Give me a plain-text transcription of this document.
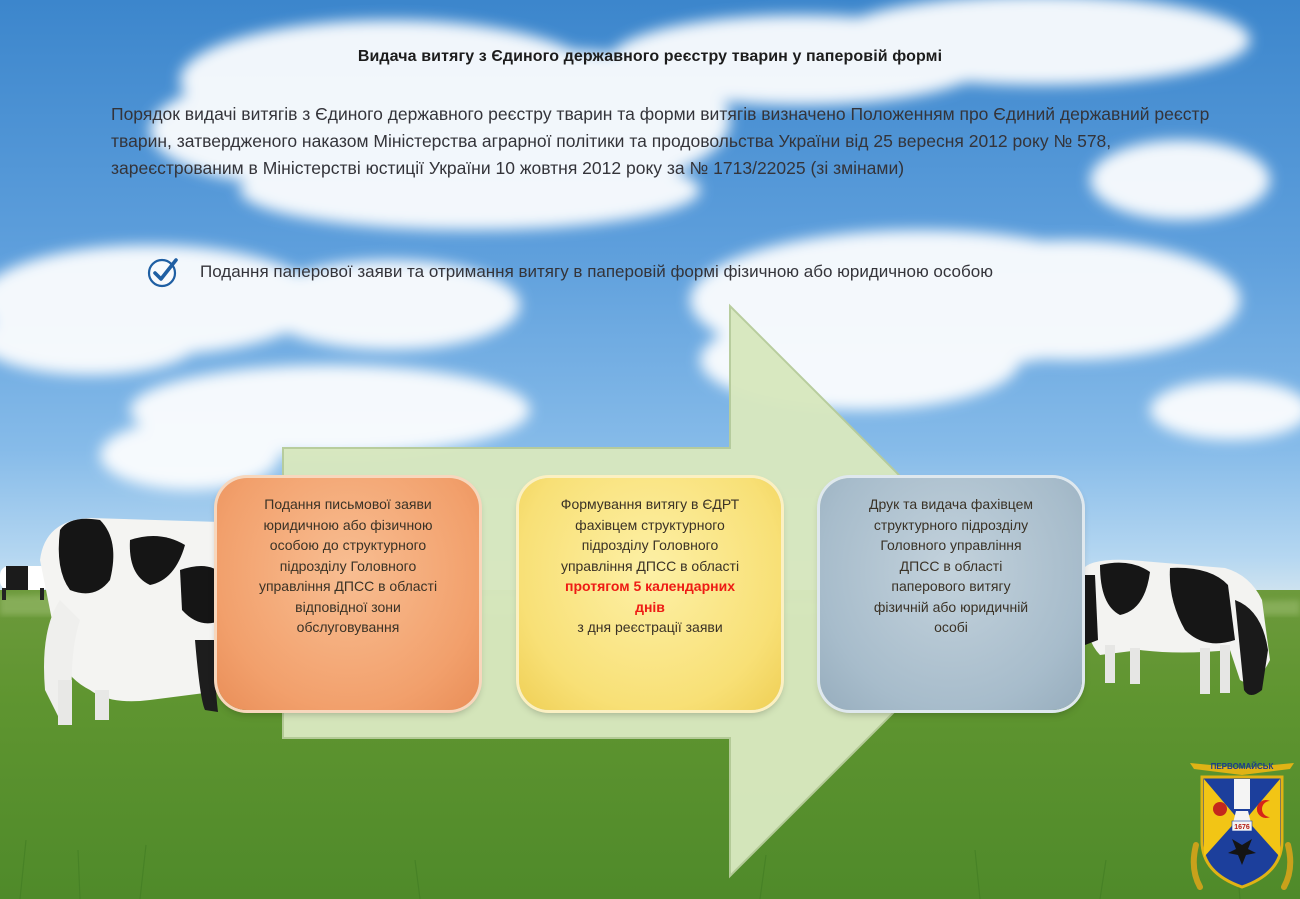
Видача витягу з Єдиного державного реєстру тварин у паперовій формі

Порядок видачі витягів з Єдиного державного реєстру тварин та форми витягів визначено Положенням про Єдиний державний реєстр тварин, затвердженого наказом Міністерства аграрної політики та продовольства України від 25 вересня 2012 року № 578, зареєстрованим в Міністерстві юстиції України 10 жовтня 2012 року за № 1713/22025 (зі змінами)

Подання паперової заяви та отримання витягу в паперовій формі фізичною або юридичною особою

Подання письмової заяви

юридичною або фізичною

особою до структурного

підрозділу Головного

управління ДПСС в області

відповідної зони

обслуговування

Формування витягу в ЄДРТ

фахівцем структурного

підрозділу Головного

управління ДПСС в області

протягом 5 календарних

днів

з дня реєстрації заяви

Друк та видача фахівцем

структурного підрозділу

Головного управління

ДПСС в області

паперового витягу

фізичній або юридичній

особі

ПЕРВОМАЙСЬК
1676
